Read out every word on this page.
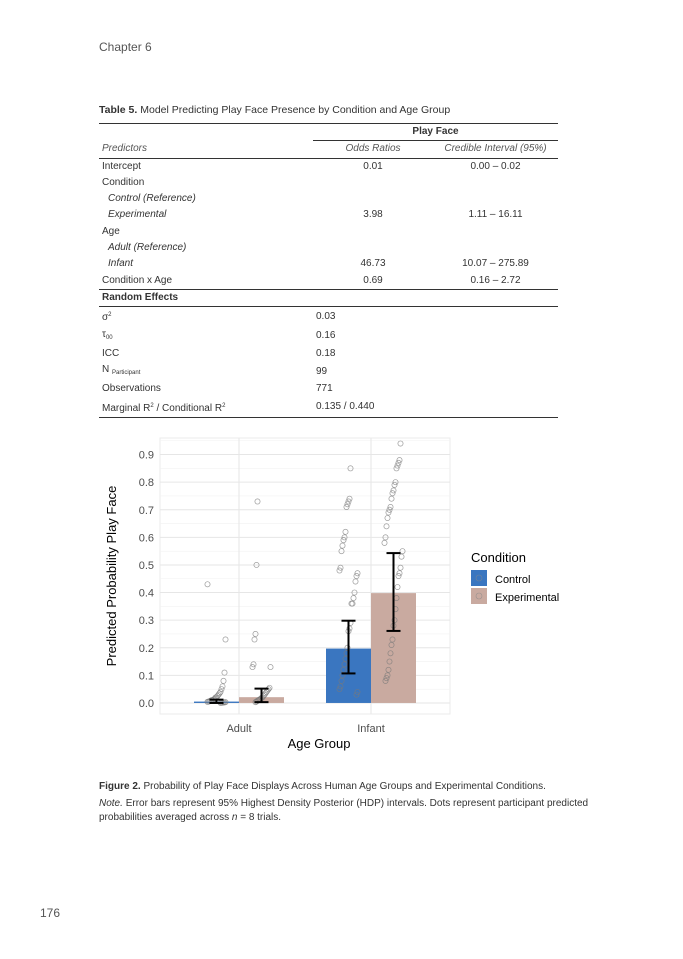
Chapter 6
Table 5. Model Predicting Play Face Presence by Condition and Age Group
	Play Face	
Predictors	Odds Ratios	Credible Interval (95%)
Intercept	0.01	0.00 – 0.02
Condition		
Control (Reference)		
Experimental	3.98	1.11 – 16.11
Age		
Adult (Reference)		
Infant	46.73	10.07 – 275.89
Condition x Age	0.69	0.16 – 2.72
Random Effects		
$\sigma^2$	0.03	
$\tau_{00}$	0.16	
ICC	0.18	
N $_{Participant}$	99	
Observations	771	
Marginal $R^2$ / Conditional $R^2$	0.135 / 0.440	
0.0
0.1
0.2
0.3
0.4
0.5
0.6
0.7
0.8
0.9
Adult	Infant
Age Group
Predicted Probability Play Face	Condition
Control
Experimental
Figure 2. Probability of Play Face Displays Across Human Age Groups and Experimental Conditions.
Note. Error bars represent 95% Highest Density Posterior (HDP) intervals. Dots represent participant predicted probabilities averaged across n = 8 trials.
176
